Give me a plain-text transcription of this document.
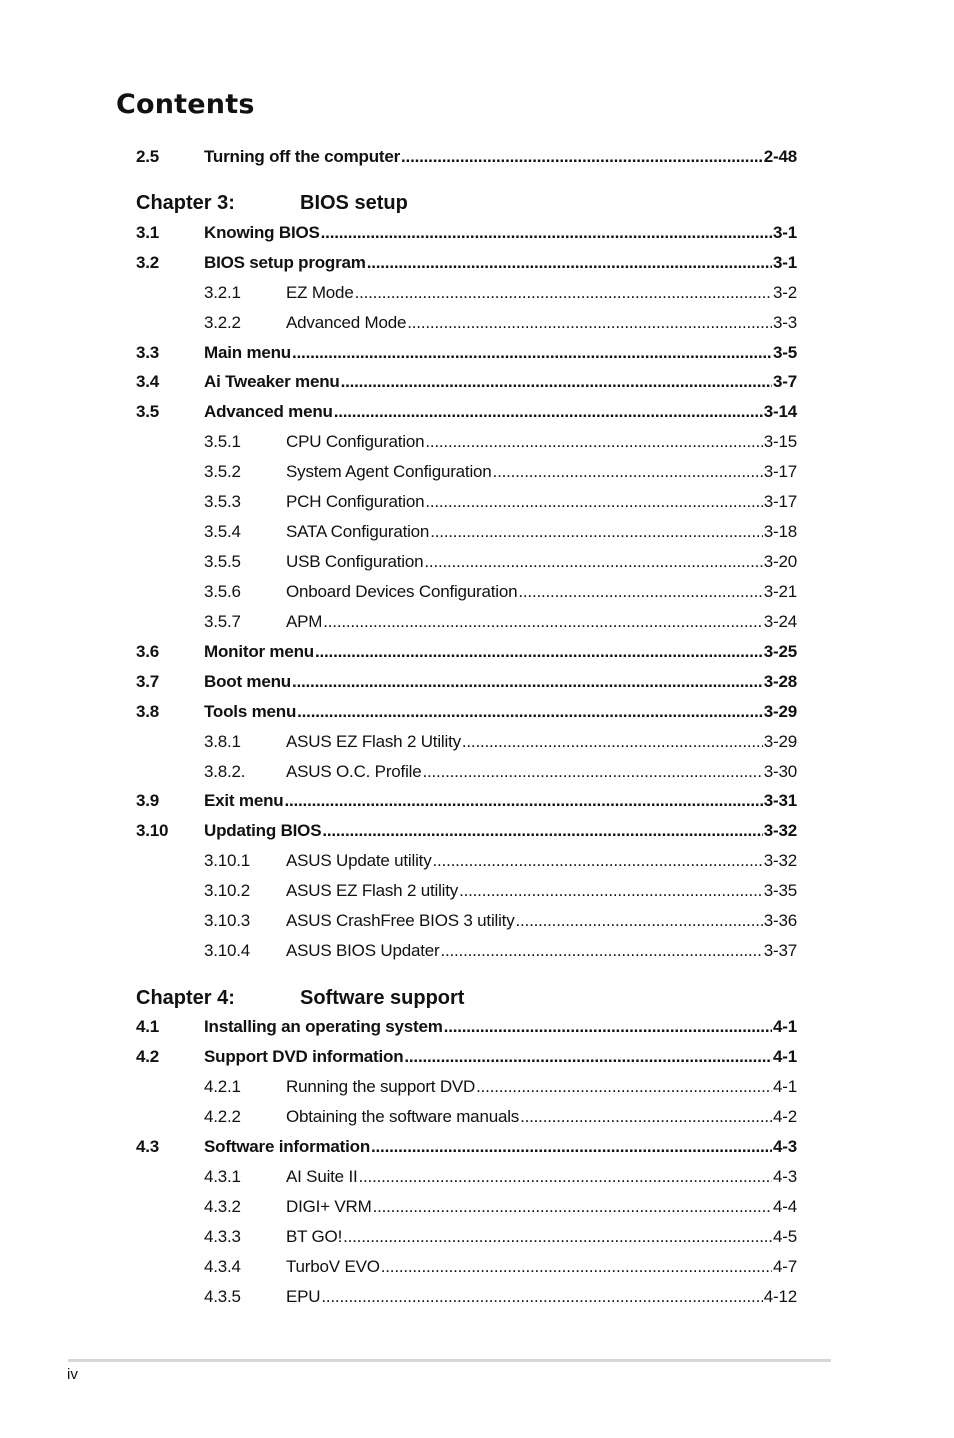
Contents
2.5	Turning off the computer .....	2-48
Chapter 3:	BIOS setup
3.1	Knowing BIOS .....	3-1
3.2	BIOS setup program .....	3-1
3.2.1	EZ Mode .....	3-2
3.2.2	Advanced Mode .....	3-3
3.3	Main menu .....	3-5
3.4	Ai Tweaker menu .....	3-7
3.5	Advanced menu .....	3-14
3.5.1	CPU Configuration .....	3-15
3.5.2	System Agent Configuration .....	3-17
3.5.3	PCH Configuration .....	3-17
3.5.4	SATA Configuration .....	3-18
3.5.5	USB Configuration .....	3-20
3.5.6	Onboard Devices Configuration .....	3-21
3.5.7	APM .....	3-24
3.6	Monitor menu .....	3-25
3.7	Boot menu .....	3-28
3.8	Tools menu .....	3-29
3.8.1	ASUS EZ Flash 2 Utility .....	3-29
3.8.2. ASUS O.C. Profile .....	3-30
3.9	Exit menu .....	3-31
3.10 Updating BIOS .....	3-32
3.10.1 ASUS Update utility .....	3-32
3.10.2 ASUS EZ Flash 2 utility .....	3-35
3.10.3 ASUS CrashFree BIOS 3 utility .....	3-36
3.10.4 ASUS BIOS Updater .....	3-37
Chapter 4:	Software support
4.1	Installing an operating system .....	4-1
4.2	Support DVD information .....	4-1
4.2.1	Running the support DVD .....	4-1
4.2.2	Obtaining the software manuals .....	4-2
4.3	Software information .....	4-3
4.3.1	AI Suite II .....	4-3
4.3.2	DIGI+ VRM .....	4-4
4.3.3	BT GO! .....	4-5
4.3.4	TurboV EVO .....	4-7
4.3.5	EPU .....	4-12
iv
